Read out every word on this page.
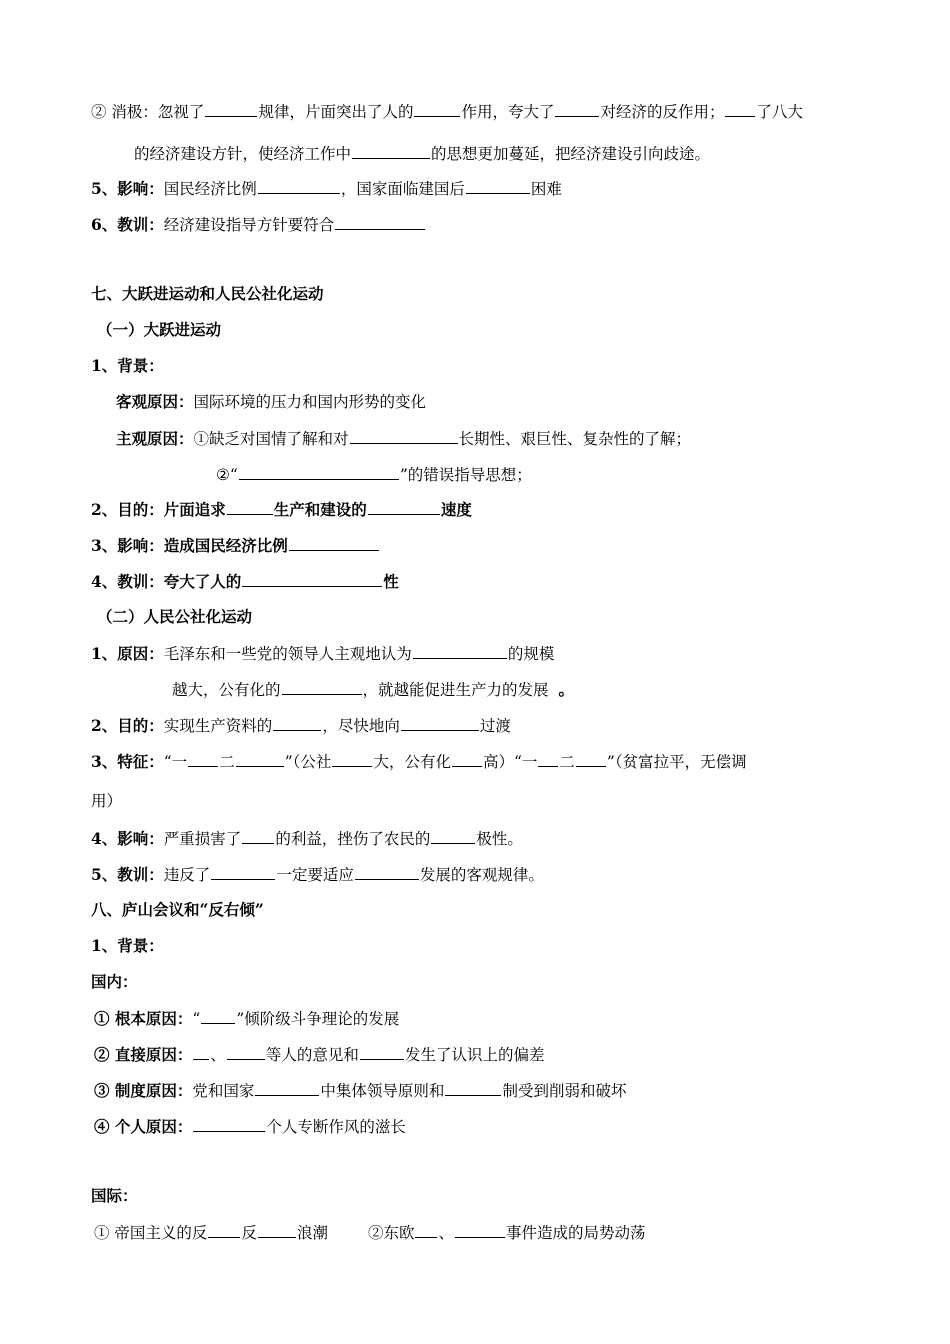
② 消极：忽视了	规律，片面突出了人的	作用，夸大了	对经济的反作用； 了八大
的经济建设方针，使经济工作中	的思想更加蔓延，把经济建设引向歧途。
5、影响：国民经济比例	，国家面临建国后	困难
6、教训：经济建设指导方针要符合
七、大跃进运动和人民公社化运动
（一）大跃进运动
1、背景：
客观原因：国际环境的压力和国内形势的变化
主观原因：①缺乏对国情了解和对	长期性、艰巨性、复杂性的了解；
②“	”的错误指导思想；
2、目的：片面追求	生产和建设的	速度
3、影响：造成国民经济比例
4、教训：夸大了人的	性
（二）人民公社化运动
1、原因：毛泽东和一些党的领导人主观地认为	的规模
越大，公有化的	，就越能促进生产力的发展 。
2、目的：实现生产资料的	，尽快地向	过渡
3、特征：“一 二	”（公社	大，公有化 高）“一 二 ”（贫富拉平，无偿调
用）
4、影响：严重损害了 的利益，挫伤了农民的	极性。
5、教训：违反了	一定要适应	发展的客观规律。
八、庐山会议和“反右倾”
1、背景：
国内：
① 根本原因：“ ”倾阶级斗争理论的发展
② 直接原因： 、	等人的意见和	发生了认识上的偏差
③ 制度原因：党和国家	中集体领导原则和	制受到削弱和破坏
④ 个人原因：	个人专断作风的滋长
国际：
① 帝国主义的反 反	浪潮	②东欧 、	事件造成的局势动荡
